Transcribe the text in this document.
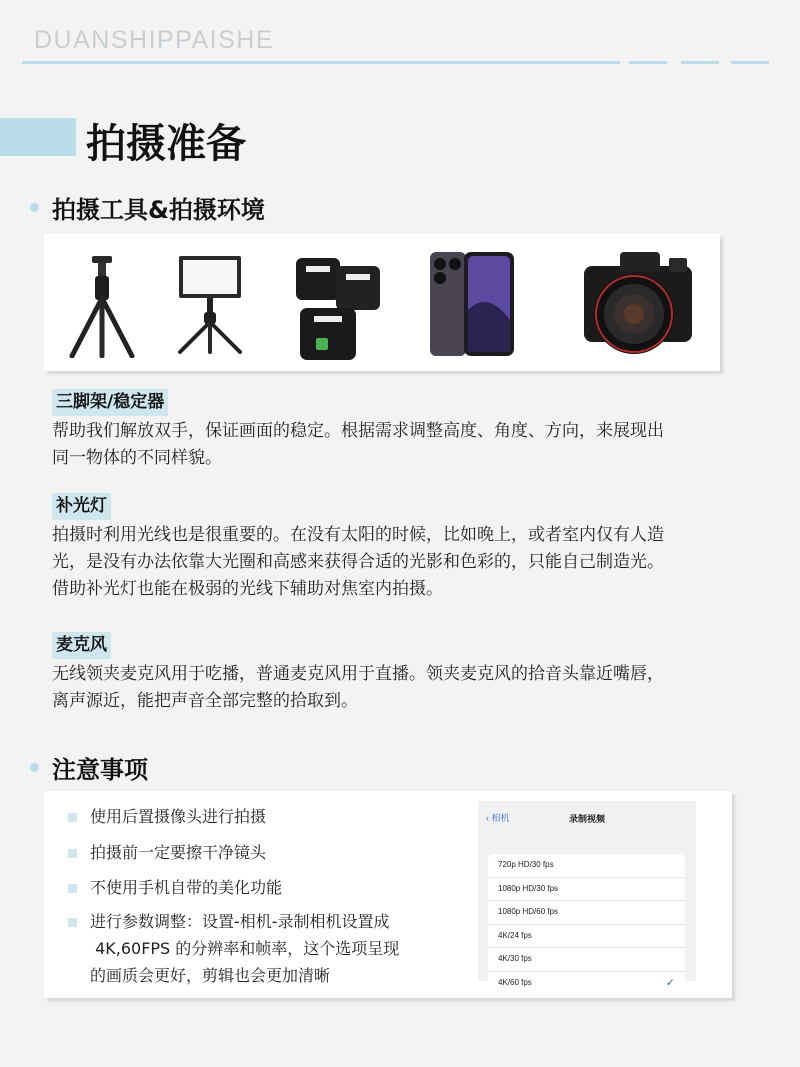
DUANSHIPPAISHE
拍摄准备
拍摄工具&拍摄环境
三脚架/稳定器
帮助我们解放双手，保证画面的稳定。根据需求调整高度、角度、方向，来展现出
同一物体的不同样貌。
补光灯
拍摄时利用光线也是很重要的。在没有太阳的时候，比如晚上，或者室内仅有人造
光，是没有办法依靠大光圈和高感来获得合适的光影和色彩的，只能自己制造光。
借助补光灯也能在极弱的光线下辅助对焦室内拍摄。
麦克风
无线领夹麦克风用于吃播，普通麦克风用于直播。领夹麦克风的拾音头靠近嘴唇，
离声源近，能把声音全部完整的拾取到。
注意事项
使用后置摄像头进行拍摄
拍摄前一定要擦干净镜头
不使用手机自带的美化功能
进行参数调整：设置-相机-录制相机设置成
4K,60FPS 的分辨率和帧率，这个选项呈现
的画质会更好，剪辑也会更加清晰
‹ 相机	录制视频
720p HD/30 fps
1080p HD/30 fps
1080p HD/60 fps
4K/24 fps
4K/30 fps
4K/60 fps	✓
